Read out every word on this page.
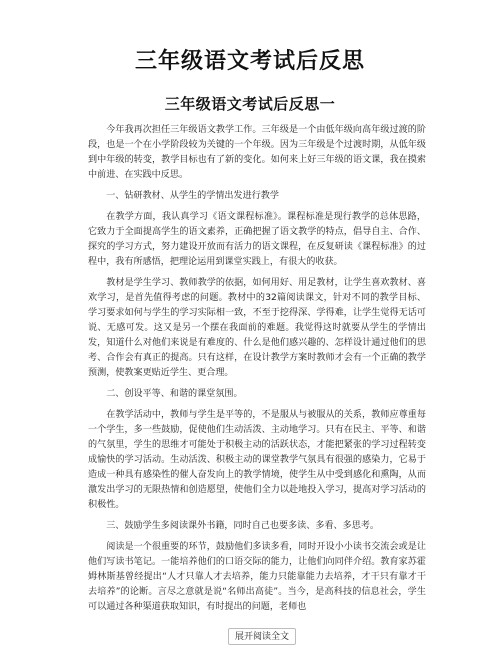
三年级语文考试后反思
三年级语文考试后反思一

今年我再次担任三年级语文教学工作。三年级是一个由低年级向高年级过渡的阶段，也是一个在小学阶段较为关键的一个年级。因为三年级是个过渡时期，从低年级到中年级的转变，教学目标也有了新的变化。如何来上好三年级的语文课，我在摸索中前进、在实践中反思。

一、钻研教材、从学生的学情出发进行教学

在教学方面，我认真学习《语文课程标准》。课程标准是现行教学的总体思路，它致力于全面提高学生的语文素养，正确把握了语文教学的特点，倡导自主、合作、探究的学习方式，努力建设开放而有活力的语文课程，在反复研读《课程标准》的过程中，我有所感悟，把理论运用到课堂实践上，有很大的收获。

教材是学生学习、教师教学的依据，如何用好、用足教材，让学生喜欢教材、喜欢学习，是首先值得考虑的问题。教材中的32篇阅读课文，针对不同的教学目标、学习要求如何与学生的学习实际相一致，不至于挖得深、学得难，让学生觉得无话可说、无感可发。这又是另一个摆在我面前的难题。我觉得这时就要从学生的学情出发，知道什么对他们来说是有难度的、什么是他们感兴趣的、怎样设计通过他们的思考、合作会有真正的提高。只有这样，在设计教学方案时教师才会有一个正确的教学预测，使教案更贴近学生、更合理。

二、创设平等、和谐的课堂氛围。

在教学活动中，教师与学生是平等的，不是服从与被服从的关系，教师应尊重每一个学生，多一些鼓励，促使他们生动活泼、主动地学习。只有在民主、平等、和谐的气氛里，学生的思维才可能处于积极主动的活跃状态，才能把紧张的学习过程转变成愉快的学习活动。生动活泼、积极主动的课堂教学气氛具有很强的感染力，它易于造成一种具有感染性的催人奋发向上的教学情境，使学生从中受到感化和熏陶，从而激发出学习的无限热情和创造愿望，使他们全力以赴地投入学习，提高对学习活动的积极性。

三、鼓励学生多阅读课外书籍，同时自己也要多读、多看、多思考。

阅读是一个很重要的环节，鼓励他们多读多看，同时开设小小读书交流会或是让他们写读书笔记。一能培养他们的口语交际的能力，让他们向同伴介绍。教育家苏霍姆林斯基曾经提出“人才只靠人才去培养，能力只能靠能力去培养，才干只有靠才干去培养”的论断。言尽之意就是说“名师出高徒”。当今，是高科技的信息社会，学生可以通过各种渠道获取知识，有时提出的问题，老师也

展开阅读全文
